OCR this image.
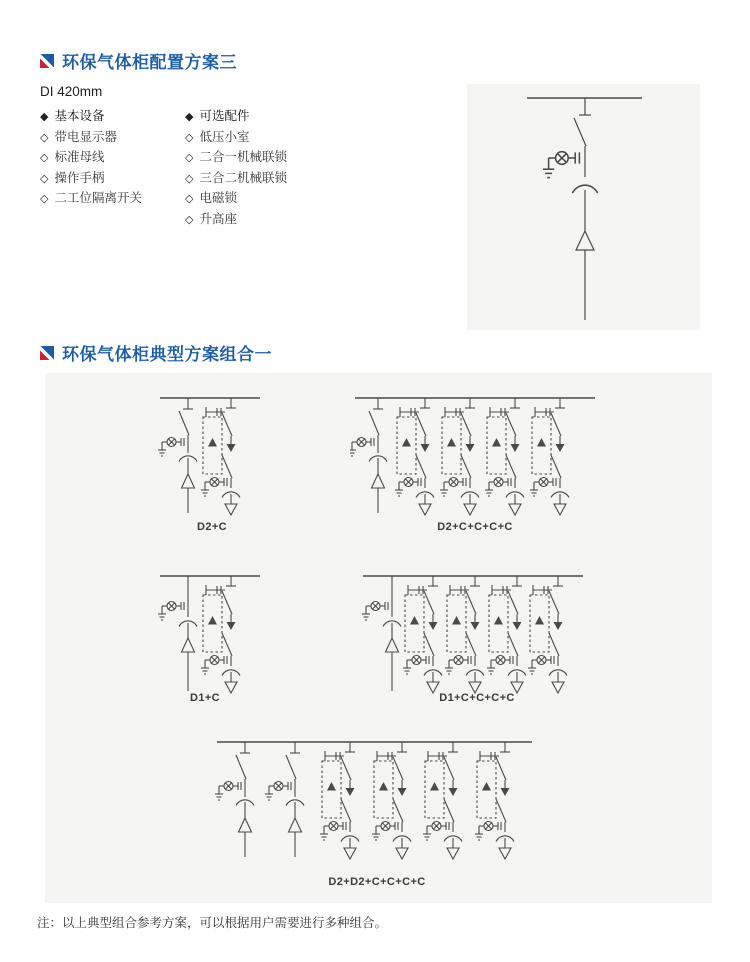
环保气体柜配置方案三
DI 420mm
◆ 基本设备
◇ 带电显示器
◇ 标准母线
◇ 操作手柄
◇ 二工位隔离开关
◆ 可选配件
◇ 低压小室
◇ 二合一机械联锁
◇ 三合二机械联锁
◇ 电磁锁
◇ 升高座
环保气体柜典型方案组合一
D2+C	D2+C+C+C+C
D1+C	D1+C+C+C+C
D2+D2+C+C+C+C
注：以上典型组合参考方案，可以根据用户需要进行多种组合。
